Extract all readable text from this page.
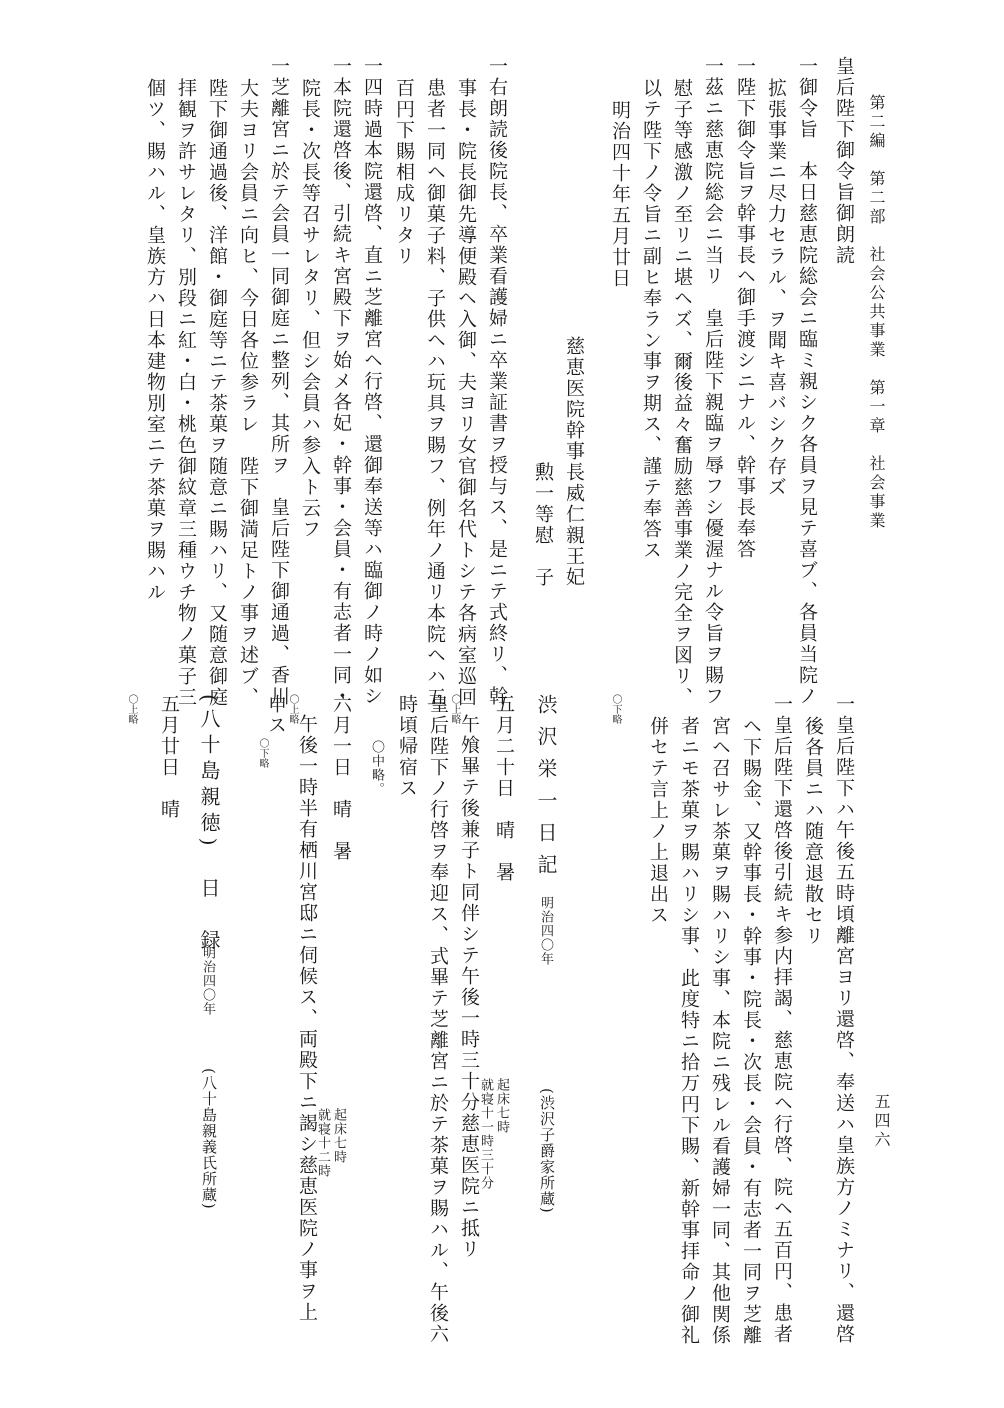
第二編　第二部　社会公共事業　第一章　社会事業
五四六
皇后陛下御令旨御朗読
一御令旨　本日慈恵院総会ニ臨ミ親シク各員ヲ見テ喜ブ、各員当院ノ
拡張事業ニ尽力セラル、ヲ聞キ喜バシク存ズ
一陛下御令旨ヲ幹事長ヘ御手渡シニナル、幹事長奉答
一茲ニ慈恵院総会ニ当リ　皇后陛下親臨ヲ辱フシ優渥ナル令旨ヲ賜フ
慰子等感激ノ至リニ堪ヘズ、爾後益々奮励慈善事業ノ完全ヲ図リ、
以テ陛下ノ令旨ニ副ヒ奉ラン事ヲ期ス、謹テ奉答ス
明治四十年五月廿日
慈恵医院幹事長威仁親王妃
勲一等慰　子
一右朗読後院長、卒業看護婦ニ卒業証書ヲ授与ス、是ニテ式終リ、幹
事長・院長御先導便殿ヘ入御、夫ヨリ女官御名代トシテ各病室巡回
患者一同ヘ御菓子料、子供ヘハ玩具ヲ賜フ、例年ノ通リ本院ヘハ五
百円下賜相成リタリ
一四時過本院還啓、直ニ芝離宮ヘ行啓、還御奉送等ハ臨御ノ時ノ如シ
一本院還啓後、引続キ宮殿下ヲ始メ各妃・幹事・会員・有志者一同・
院長・次長等召サレタリ、但シ会員ハ参入ト云フ
一芝離宮ニ於テ会員一同御庭ニ整列、其所ヲ　皇后陛下御通過、香川
大夫ヨリ会員ニ向ヒ、今日各位参ラレ　陛下御満足トノ事ヲ述ブ、
陛下御通過後、洋館・御庭等ニテ茶菓ヲ随意ニ賜ハリ、又随意御庭
拝観ヲ許サレタリ、別段ニ紅・白・桃色御紋章三種ウチ物ノ菓子三
個ツ、賜ハル、皇族方ハ日本建物別室ニテ茶菓ヲ賜ハル
一皇后陛下ハ午後五時頃離宮ヨリ還啓、奉送ハ皇族方ノミナリ、還啓
後各員ニハ随意退散セリ
一皇后陛下還啓後引続キ参内拝謁、慈恵院ヘ行啓、院ヘ五百円、患者
ヘ下賜金、又幹事長・幹事・院長・次長・会員・有志者一同ヲ芝離
宮ヘ召サレ茶菓ヲ賜ハリシ事、本院ニ残レル看護婦一同、其他関係
者ニモ茶菓ヲ賜ハリシ事、此度特ニ拾万円下賜、新幹事拝命ノ御礼
併セテ言上ノ上退出ス
〇下略
渋沢栄一日記
明治四〇年
(渋沢子爵家所蔵)
五月二十日　晴　暑
起床七時
就寝十一時三十分
〇上略
午飧畢テ後兼子ト同伴シテ午後一時三十分慈恵医院ニ抵リ
皇后陛下ノ行啓ヲ奉迎ス、式畢テ芝離宮ニ於テ茶菓ヲ賜ハル、午後六
時頃帰宿ス
〇中略。
六月一日　晴　暑
起床七時
就寝十二時
〇上略
午後一時半有栖川宮邸ニ伺候ス、両殿下ニ謁シ慈恵医院ノ事ヲ上
申ス
〇下略
(八十島親徳)　日　録
明治四〇年
(八十島親義氏所蔵)
五月廿日　晴
〇上略
